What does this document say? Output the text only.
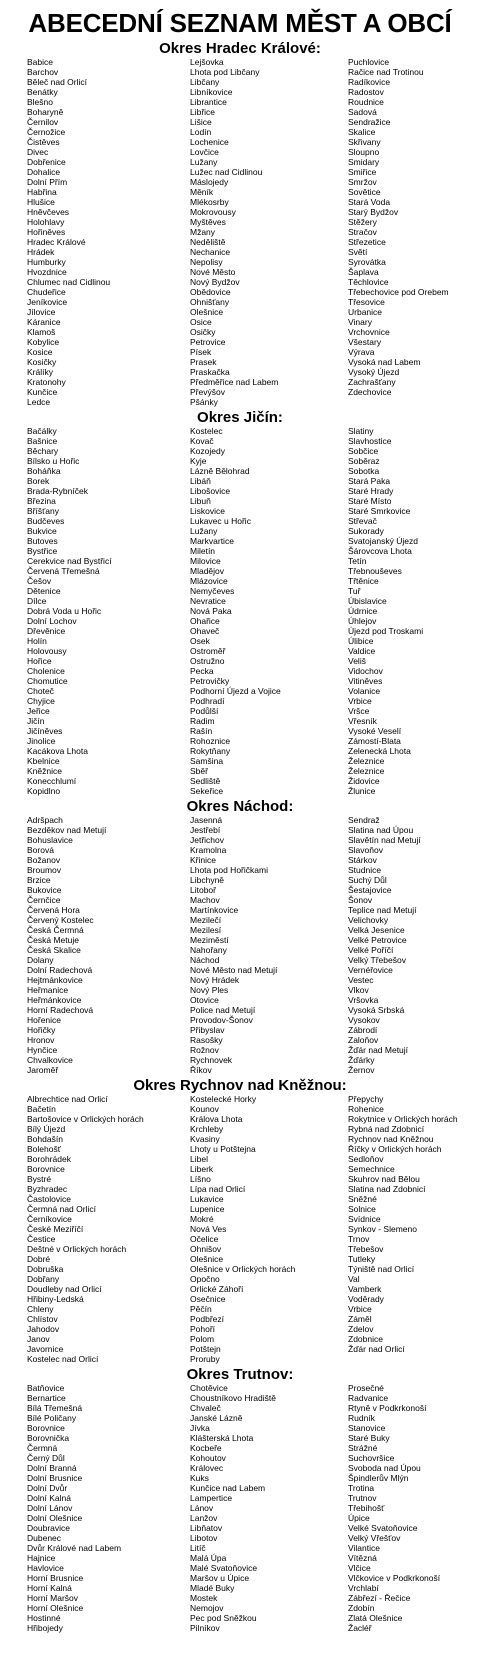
ABECEDNÍ SEZNAM MĚST A OBCÍ
Okres Hradec Králové:
Babice
Barchov
Běleč nad Orlicí
Benátky
Blešno
Boharyně
Černilov
Černožice
Čistěves
Divec
Dobřenice
Dohalice
Dolní Přím
Habřina
Hlušice
Hněvčeves
Holohlavy
Hořiněves
Hradec Králové
Hrádek
Humburky
Hvozdnice
Chlumec nad Cidlinou
Chudeřice
Jeníkovice
Jílovice
Káranice
Klamoš
Kobylice
Kosice
Kosičky
Králíky
Kratonohy
Kunčice
Ledce
Lejšovka
Lhota pod Libčany
Libčany
Libníkovice
Librantice
Libřice
Lišice
Lodín
Lochenice
Lovčice
Lužany
Lužec nad Cidlinou
Máslojedy
Měník
Mlékosrby
Mokrovousy
Myštěves
Mžany
Neděliště
Nechanice
Nepolisy
Nové Město
Nový Bydžov
Obědovice
Ohnišťany
Olešnice
Osice
Osičky
Petrovice
Písek
Prasek
Praskačka
Předměřice nad Labem
Převýšov
Pšánky
Puchlovice
Račice nad Trotinou
Radíkovice
Radostov
Roudnice
Sadová
Sendražice
Skalice
Skřivany
Sloupno
Smidary
Smiřice
Smržov
Sovětice
Stará Voda
Starý Bydžov
Stěžery
Stračov
Střezetice
Světí
Syrovátka
Šaplava
Těchlovice
Třebechovice pod Orebem
Třesovice
Urbanice
Vinary
Vrchovnice
Všestary
Výrava
Vysoká nad Labem
Vysoký Újezd
Zachrašťany
Zdechovice
Okres Jičín:
Bačálky
Bašnice
Běchary
Bílsko u Hořic
Boháňka
Borek
Brada-Rybníček
Březina
Bříšťany
Budčeves
Bukvice
Butoves
Bystřice
Cerekvice nad Bystřicí
Červená Třemešná
Češov
Dětenice
Dílce
Dobrá Voda u Hořic
Dolní Lochov
Dřevěnice
Holín
Holovousy
Hořice
Cholenice
Chomutice
Choteč
Chyjice
Jeřice
Jičín
Jičíněves
Jinolice
Kacákova Lhota
Kbelnice
Kněžnice
Konecchlumí
Kopidlno
Kostelec
Kovač
Kozojedy
Kyje
Lázně Bělohrad
Libáň
Libošovice
Libuň
Liskovice
Lukavec u Hořic
Lužany
Markvartice
Miletín
Milovice
Mladějov
Mlázovice
Nemyčeves
Nevratice
Nová Paka
Ohařice
Ohaveč
Osek
Ostroměř
Ostružno
Pecka
Petrovičky
Podhorní Újezd a Vojice
Podhradí
Podůlší
Radim
Rašín
Rohoznice
Rokytňany
Samšina
Sběř
Sedliště
Sekeřice
Slatiny
Slavhostice
Sobčice
Soběraz
Sobotka
Stará Paka
Staré Hrady
Staré Místo
Staré Smrkovice
Střevač
Sukorady
Svatojanský Újezd
Šárovcova Lhota
Tetín
Třebnouševes
Třtěnice
Tuř
Úbislavice
Údrnice
Úhlejov
Újezd pod Troskami
Úlibice
Valdice
Veliš
Vidochov
Vitiněves
Volanice
Vrbice
Vršce
Vřesník
Vysoké Veselí
Zámostí-Blata
Zelenecká Lhota
Železnice
Železnice
Židovice
Žlunice
Okres Náchod:
Adršpach
Bezděkov nad Metují
Bohuslavice
Borová
Božanov
Broumov
Brzice
Bukovice
Černčice
Červená Hora
Červený Kostelec
Česká Čermná
Česká Metuje
Česká Skalice
Dolany
Dolní Radechová
Hejtmánkovice
Heřmanice
Heřmánkovice
Horní Radechová
Hořenice
Hořičky
Hronov
Hynčice
Chvalkovice
Jaroměř
Jasenná
Jestřebí
Jetřichov
Kramolna
Křinice
Lhota pod Hořičkami
Libchyně
Litoboř
Machov
Martínkovice
Mezilečí
Mezilesí
Meziměstí
Nahořany
Náchod
Nové Město nad Metují
Nový Hrádek
Nový Ples
Otovice
Police nad Metují
Provodov-Šonov
Přibyslav
Rasošky
Rožnov
Rychnovek
Říkov
Sendraž
Slatina nad Úpou
Slavětín nad Metují
Slavoňov
Stárkov
Studnice
Suchý Důl
Šestajovice
Šonov
Teplice nad Metují
Velichovky
Velká Jesenice
Velké Petrovice
Velké Poříčí
Velký Třebešov
Vernéřovice
Vestec
Vlkov
Vršovka
Vysoká Srbská
Vysokov
Zábrodí
Zaloňov
Žďár nad Metují
Žďárky
Žernov
Okres Rychnov nad Kněžnou:
Albrechtice nad Orlicí
Bačetín
Bartošovice v Orlických horách
Bílý Újezd
Bohdašín
Bolehošť
Borohrádek
Borovnice
Bystré
Byzhradec
Častolovice
Čermná nad Orlicí
Černíkovice
České Meziříčí
Čestice
Deštné v Orlických horách
Dobré
Dobruška
Dobřany
Doudleby nad Orlicí
Hřibiny-Ledská
Chleny
Chlístov
Jahodov
Janov
Javornice
Kostelec nad Orlicí
Kostelecké Horky
Kounov
Králova Lhota
Krchleby
Kvasiny
Lhoty u Potštejna
Libel
Liberk
Líšno
Lípa nad Orlicí
Lukavice
Lupenice
Mokré
Nová Ves
Očelice
Ohnišov
Olešnice
Olešnice v Orlických horách
Opočno
Orlické Záhoří
Osečnice
Pěčín
Podbřezí
Pohoří
Polom
Potštejn
Proruby
Přepychy
Rohenice
Rokytnice v Orlických horách
Rybná nad Zdobnicí
Rychnov nad Kněžnou
Říčky v Orlických horách
Sedloňov
Semechnice
Skuhrov nad Bělou
Slatina nad Zdobnicí
Sněžné
Solnice
Svídnice
Synkov - Slemeno
Trnov
Třebešov
Tutleky
Týniště nad Orlicí
Val
Vamberk
Voděrady
Vrbice
Záměl
Zdelov
Zdobnice
Žďár nad Orlicí
Okres Trutnov:
Batňovice
Bernartice
Bílá Třemešná
Bílé Poličany
Borovnice
Borovnička
Čermná
Černý Důl
Dolní Branná
Dolní Brusnice
Dolní Dvůr
Dolní Kalná
Dolní Lánov
Dolní Olešnice
Doubravice
Dubenec
Dvůr Králové nad Labem
Hajnice
Havlovice
Horní Brusnice
Horní Kalná
Horní Maršov
Horní Olešnice
Hostinné
Hřibojedy
Chotěvice
Choustníkovo Hradiště
Chvaleč
Janské Lázně
Jívka
Klášterská Lhota
Kocbeře
Kohoutov
Královec
Kuks
Kunčice nad Labem
Lampertice
Lánov
Lanžov
Libňatov
Libotov
Litíč
Malá Úpa
Malé Svatoňovice
Maršov u Úpice
Mladé Buky
Mostek
Nemojov
Pec pod Sněžkou
Pilníkov
Prosečné
Radvanice
Rtyně v Podkrkonoší
Rudník
Stanovice
Staré Buky
Strážné
Suchovršice
Svoboda nad Úpou
Špindlerův Mlýn
Trotina
Trutnov
Třebihošť
Úpice
Velké Svatoňovice
Velký Vřešťov
Vilantice
Vítězná
Vlčice
Vlčkovice v Podkrkonoší
Vrchlabí
Zábřezí - Řečice
Zdobín
Zlatá Olešnice
Žacléř
